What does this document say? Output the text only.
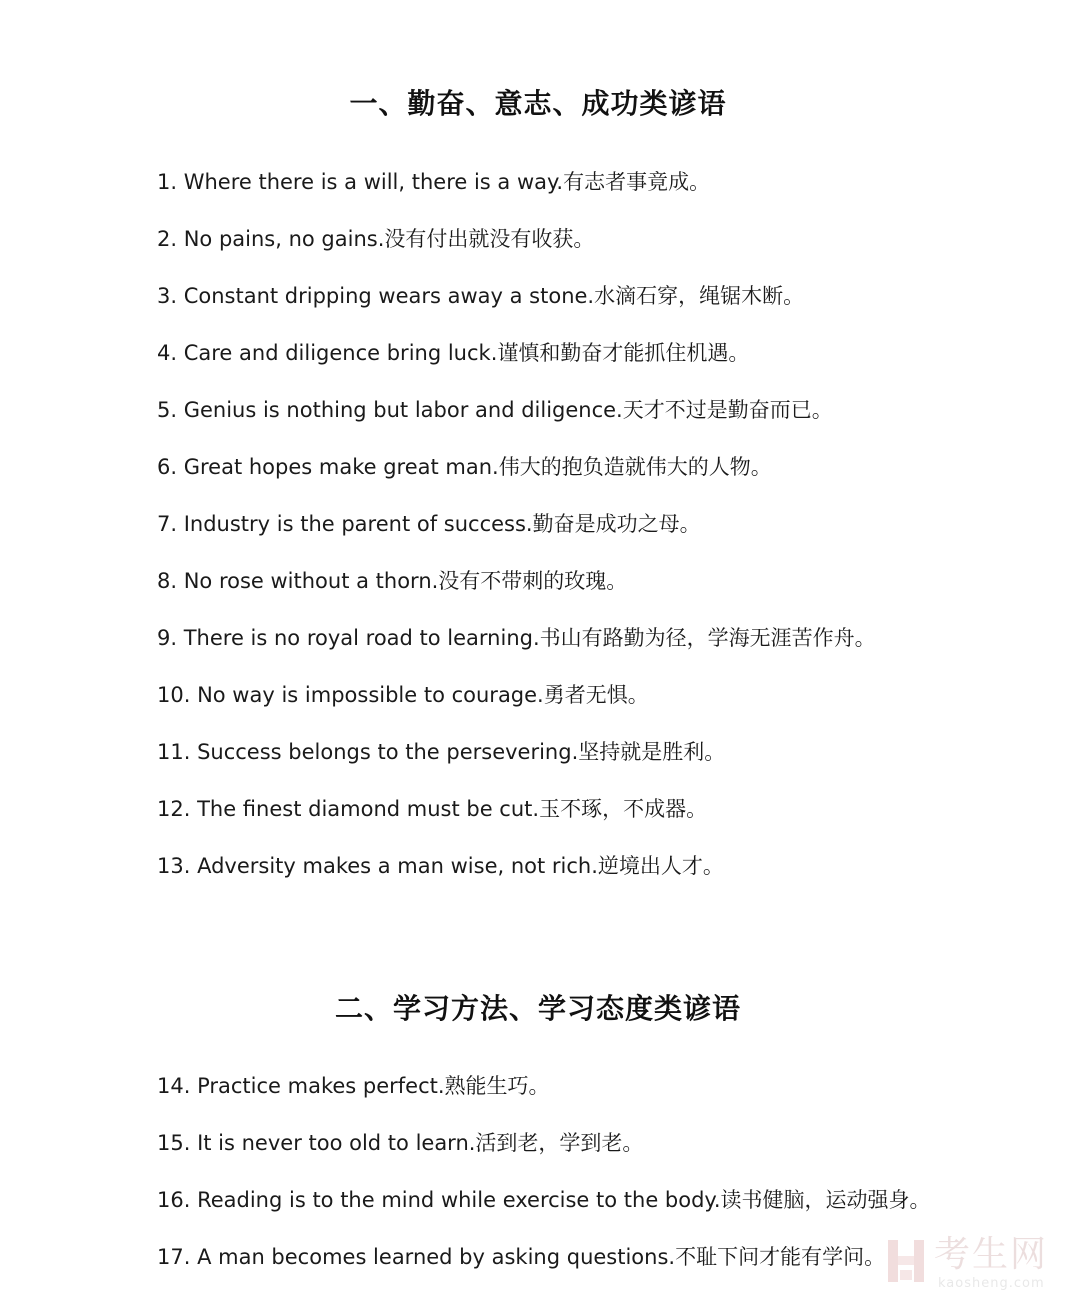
一、勤奋、意志、成功类谚语
1. Where there is a will, there is a way.有志者事竟成。
2. No pains, no gains.没有付出就没有收获。
3. Constant dripping wears away a stone.水滴石穿，绳锯木断。
4. Care and diligence bring luck.谨慎和勤奋才能抓住机遇。
5. Genius is nothing but labor and diligence.天才不过是勤奋而已。
6. Great hopes make great man.伟大的抱负造就伟大的人物。
7. Industry is the parent of success.勤奋是成功之母。
8. No rose without a thorn.没有不带刺的玫瑰。
9. There is no royal road to learning.书山有路勤为径，学海无涯苦作舟。
10. No way is impossible to courage.勇者无惧。
11. Success belongs to the persevering.坚持就是胜利。
12. The finest diamond must be cut.玉不琢，不成器。
13. Adversity makes a man wise, not rich.逆境出人才。
二、学习方法、学习态度类谚语
14. Practice makes perfect.熟能生巧。
15. It is never too old to learn.活到老，学到老。
16. Reading is to the mind while exercise to the body.读书健脑，运动强身。
17. A man becomes learned by asking questions.不耻下问才能有学问。 考生网
kaosheng.com
